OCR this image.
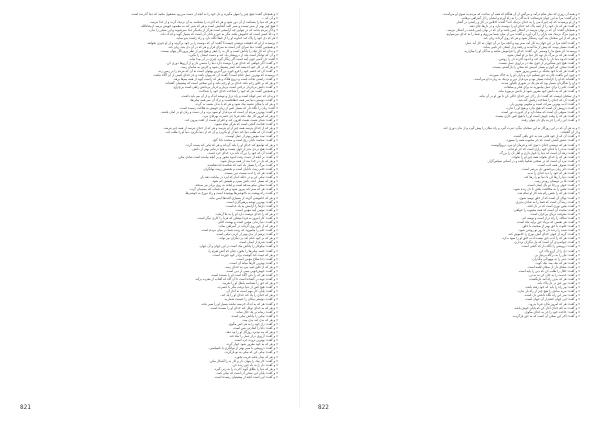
« و همچنان گفت: هیچ چیز را سهل مگیرید و دل خود را به آنچه از دست می‌رود مشغول مکنید که دنیا گذرنده است.
« و آن که ...
« و هر که دنیا را بشناسد از آن دور شود و هر که آخرت را بشناسد به آن نزدیک گردد و از خدا بترسد.
« هیچ چیز بهتر از صبر نیست و صبر کلید گشایش است و هر که صبر کند به مقصود خویش برسد ان‌شاءالله.
« و اگر مردم بدانند که در تنهایی چه آرامشی است هرگز از یکدیگر جدا نمی‌شوند و این سخن را بدان.
« و دانا کسی است که خاموش باشد مگر به حق و نادان آن است که بسیار گوید و اندک داند.
« هر که دل خود را پاک کند خداوند او را از خطا نگاه دارد و راه راست بدو نماید.
« پرسیدند از او که حقیقت دوستی چیست؟ گفت: آن که دوست را بر خود برگزیند و از او چیزی نخواهد.
« و همچنین گفت: دنیا سرای گذر است نه سرای قرار و هر که در آن دل بندد زیان کند.
« و بدان که کار نیک را پاداش است و کار بد را کیفر و هیچ چیز از نظر پروردگار پنهان نیست.
« و آن که توانگر است باید از درویشان یاد کند و دست ایشان را بگیرد.
« گفت: دل آدمی چون آینه است اگر زنگار گیرد چیزی در آن پیدا نیاید.
« و گفت: اگر خواهی که خدای تو را دوست دارد دنیا را دشمن دار و از آرزوها دوری کن.
« و هر که در کار خود اندیشه کند کمتر پشیمان شود و کارش به سامان رسد.
« و گفت: آن که خشم خود را فرو خورد بزرگ‌ترین پهلوان است نه آن که مردم را بر زمین زند.
« پرسیدند که بهترین عمل کدام است؟ گفت: آن که پنهان باشد و جز خدای کسی از آن آگاه نباشد.
« و گفت: راستی نجات است و دروغ هلاک و هر که راست گوید از همه بیم‌ها برهد.
« و هر که بر خلق رحم نکند خدای بر او رحم نکند و این سخنی است که پیشینیان گفته‌اند.
« و گفت: دانش بی‌کردار درختی است بی‌بار و کردار بی‌دانش راهی است بی‌چراغ.
« و همچنین گفت: هر که خود را شناخت خدای خود را شناخت.
« و بدان که عمر کوتاه است و راه دراز و توشه اندک و از آن بیم باید داشت.
« و گفت: دوستی دنیا سر همه خطاهاست و ترک آن سر همه نیکی‌ها.
« و هر که با نیکان نشیند نیک شود و هر که با بدان نشیند بد گردد.
« گفت: زبان را نگاه دار که بسیار کس از زبان خویش به هلاکت رسیده است.
« و گفت: بهترین مردم آن است که مردم از او سود برند و از دست و زبان او در امان باشند.
« و هر که امروز کار نیک نکند فردا جز حسرت بهره‌ای نبرد.
« و گفت: شکر نعمت نعمت افزون کند و کفران نعمت از کفت بیرون کند.
« و گفت: قناعت گنجی است که هرگز تمام نشود.
« و هر که از خدای بترسد همه چیز از او بترسد و هر که از خدای نترسد از همه چیز بترسد.
« و گفت: آن که طلب دنیا کند دنیا از او بگریزد و آن که از دنیا بگریزد دنیا او را طلب کند.
« و گفت: نیت مؤمن بهتر از عمل اوست.
« و گفت: صحبت نادان رنج است و صحبت دانا گنج.
« و هر که تواضع کند خدای او را بلند گرداند و هر که تکبر کند پست گردد.
« و گفت: هیچ دردی بدتر از جهل نیست و هیچ درمانی بهتر از دانش.
« و گفت: آن که خود را بزرگ داند نزد خدای خرد است.
« و گفت: بر آنچه از دست رفت اندوه مخور و بر آنچه نیامده است شادی مکن.
« و هر که دل در خدا بندد از همه بی‌نیاز شود.
« و گفت: مرگ را بسیار یاد کنید که شکننده لذت‌هاست.
« و گفت: حلم زینت دانایان است و بخشش زینت توانگران.
« و گفت: هر که را ادب نیست دین نیست.
« و گفت: نیکی کن و در دجله انداز که ایزد در بیابانت دهد باز.
« و هر که بسیار خندد دلش بمیرد و هیبتش کم شود.
« و گفت: سخن نیکو صدقه است و لبخند به روی برادر نیز صدقه.
« و گفت: هر که صبر کند پیروز شود و هر که شتاب کند پشیمان گردد.
« و گفت: راه بهشت به ناخوشی‌ها پوشیده است و راه دوزخ به خوشی‌ها.
« و هر که خاموشی گزیند از بسیاری آفت‌ها ایمن ماند.
« و گفت: بهترین توشه پرهیزگاری است.
« و گفت: دل‌ها را آرامش به یاد خداست.
« و گفت: مؤمن آینه مؤمن است.
« و هر که را خدای دوست دارد او را به بلا آزماید.
« و گفت: کار امروز به فردا میفکن که فردا را کاری دیگر است.
« و گفت: دنیا زندان مؤمن است و بهشت کافر.
« و هر که از حق روی گرداند در گمراهی بماند.
« و گفت: علم را بیاموزید که زینت شما در میان مردم است.
« و گفت: پرهیز از بدی بهتر از کردن نیکی است.
« و هر که بر خود حکم کند بر دیگران نیز تواند.
« و گفت: شرم از ایمان است.
« و گفت: نیکوکار را پاداش نیک است در این جهان و آن جهان.
« و گفت: حسد نیکی‌ها را بخورد چنان که آتش هیزم را.
« و هر که غیبت کند گوشت برادر خود خورده است.
« و گفت: دعا سلاح مؤمن است.
« و گفت: بهترین کارها میانه آن است.
« و هر که از خلق امید ببرد به خدای رسد.
« و گفت: خوش‌خویی نیمی از دین است.
« و گفت: هر که را دلی آگاه است او را بسنده است.
« و گفت: توبه در گشاده است تا آن گاه که آفتاب از مغرب برآید.
« و هر که حق را بشناسد باطل او را نفریبد.
« و گفت: هیچ کس از دنیا نرفت مگر با حسرت.
« و گفت: پایان کار مهم است نه آغاز آن.
« و هر که خدای را یاد کند خدای او را یاد کند.
« و گفت: دوستی نیکان را غنیمت شمارید.
« و گفت: هر که به اندک خرسند نباشد بسیار او را سیر نکند.
« و هر که به خدای توکل کند خدای او را بسنده است.
« و گفت: زمانه بر یک حال نماند.
« و گفت: نیکی را پاداش نیکی است.
« و هر که بدی کند بدی بیند.
« و گفت: راز خود را به هر کس مگوی.
« و گفت: دانا را اشارتی بس است.
« و هر که پند نپذیرد روزگار او را پند دهد.
« و گفت: آرزوی دراز عمل را تباه کند.
« و گفت: بهترین ثروت خرد است.
« و هر که به خود مغرور شود خوار گردد.
« و گفت: درویشی با صبر بهتر از توانگری با ناسپاسی.
« و گفت: نیکی کن که نیکی به تو بازگردد.
« و هر که بیدار باشد فریب نخورد.
« و گفت: کار نیک را پنهان دار و کار بد را آشکار مکن.
« و گفت: دل را به یاد حق زنده کن.
« و هر که دنیا را طلاق گوید آخرت را به زنی گیرد.
« و گفت: پایان این سخن آن است که نیکی کنید.
« و گفت: این است آنچه از پیشینیان رسیده است.
821
« و همه آن روزی که نماز شام درآمد و مرگش از آن هنگام که همه آن ساعت که مردم به سوی او می‌آمدند.
« و او گفت: مرا به این جهان فرستادند تا بندگان را به راه آورم و ایشان را از گمراهی برهانم.
« و از او پرسیدند که چه چیز آدمی را به خدای نزدیک کند؟ گفت: اخلاص در کار و راستی در گفتار.
« و گفت: هر که دل خود را از کینه پاک کند خدای او را دوست دارد و در دل‌ها جای دهد.
« و همچنان گفت: آن که در نهان بترسد در آشکار ایمن باشد و آن که در نهان ایمن باشد در آشکار بترسد.
« و چون مرگ نزدیک شد یاران را گرد آورد و گفت: من از میان شما می‌روم و شما را به خدای می‌سپارم.
« و هر که از این سخنان پند گیرد رستگار شود و هر که روی گرداند زیان کند.
« و گفت: آنچه مرا در این جهان به کار آمد صبر بود و آنچه مرا در آن جهان به کار آید عمل.
« و گفت: بسیار بودند که پیش از ما آمدند و رفتند و از ایشان جز نامی نماند.
« پرسیدند: ای شیخ ما را وصیتی کن. گفت: خدای را فراموش مکنید و بندگان او را میازارید.
« و گفت: هر که بر مرگ دل نهد کار دنیا بر او آسان شود.
« و گفت: اندوه دنیا دل را تاریک کند و اندوه آخرت دل را روشن.
« و گفت: هیچ چیز سنگین‌تر از خوی نیک در ترازوی عمل نیست.
« و گفت: سخن کم گوی و بسیار اندیش که سخن را بازگشتی نیست.
« و گفت: هر که با خود بجنگد بر دشمن پیروز شود.
« و چون این بگفت جان به حق تسلیم کرد و یاران او را به خاک سپردند.
« و گفته‌اند که او را کرامات بسیار بود و مردم از دور و نزدیک به زیارت او می‌آمدند.
« و او را شاگردان بسیار بود که هر یک در شهری نام‌آور شدند.
« و گفت: علم را برای عمل بیاموزید نه برای فخر و مباهات.
« و گفت: هر که به دانش خود مغرور شود از دانش بی‌بهره ماند.
« و از سخنان اوست که گفت: دل را از غیر خدای خالی کن تا نور او در آن بتابد.
« و گفت: آن که خدای را شناخت زبانش کُند شد.
« و گفت: ادب بهترین میراث است و نیکویی بهترین یار.
« و گفت: درویش آن است که هیچ ندارد و هیچ او را ندارد.
« و گفت: صوفی آن است که صفا دارد و از کدورت دور است.
« و گفت: هر که را وقت خوش است او را با هیچ کس کاری نیست.
« و گفت: این راه را جز به پای دل نتوان رفت.
« و به هر آن که در این روزگار به این سخنان بنگرد عبرت گیرد و راه نیکان را پیش گیرد و از بدان دوری کند.
و از آن گفته‌اند.
« و گفت: آن که از خود فانی شد به حق باقی گشت.
« و گفت: عشق آتشی است که جز محبوب همه را بسوزد.
« و گفت: هر که دوستی خدای دعوی کند و فرمان او نبرد دروغ‌گوست.
« و گفت: بنده را با خدای خود رازی است که جز او نداند.
« و گفت: زهد آن است که دنیا را خوار داری و اهل آن را بزرگ.
« و گفت: هر که را خدای بخواند همه چیز او را بخواند.
« و گفت: مرد آن است که در سختی شکیبا باشد و در آسانی سپاس‌گزار.
« و گفت: تصوف همه ادب است.
« و گفت: ذکر زبان بی‌حضور دل بی‌ثمر است.
« و گفت: هر که خود را دید خدای را ندید.
« و گفت: دنیا را رها کن تا دنیا تو را رها کند.
« و گفت: بلا بر دوستان زودتر رسد.
« و گفت: خوف و رجا دو بال ایمان است.
« و گفت: نفس را به مخالفت بکش تا دل زنده شود.
« و گفت: هر که را نفس رام شد کار او تمام شد.
« و گفت: توکل آن است که از خلق نومید شوی.
« و گفت: رضا آن است که قضا را به شادی پذیری.
« و گفت: یقین نوری است که در دل افتد.
« و گفت: محبت آن است که همه محبوب را خواهی.
« و گفت: معرفت دریای بی‌کران است.
« و گفت: سالک را راه دراز است و توشه کم.
« و گفت: هر نفسی که بی‌یاد حق برآید تباه است.
« و گفت: خلوت با حق بهتر از صحبت با خلق.
« و گفت: شب را زنده دار تا روز تو روشن شود.
« و گفت: گریه از خوف خدای آتش دوزخ را خاموش کند.
« و گفت: هر که را ادب حق نیست ادب خلق او را سود ندارد.
« و گفت: جوانمردی آن است که بار دیگران برداری.
« و گفت: درویشی را نگاه دار که گنجی است.
« و گفت: دل را از آرزو پاک کن.
« و گفت: نیاز را به درگاه بی‌نیاز بر.
« و گفت: عمر را به بیهودگی مگذران.
« و گفت: هر که نیک بیند نیک گوید.
« و گفت: صفای دل از صفای لقمه است.
« و گفت: حلال را طلب کن که دین را پایه است.
« و گفت: خدمت را به جان کن نه به تن.
« و گفت: هر که بدین راه آمد بازنگشت.
« و گفت: نور حق در دل پاک تابد.
« و گفت: پیر راه را باید که خود رفته باشد.
« و گفت: مرید صادق را هیچ چیز از راه باز ندارد.
« و گفت: سر این راه نگاه داشتن دل است.
« و گفت: این جهان کشتزار آن جهان است.
« و گفت: هر که امروز بکارد فردا بدرود.
« و گفت: به نام خدای آغاز کن که پایان خوش باشد.
« و گفت: حاجت خود را جز به خدای مگوی.
« و گفت: آخر این سخن آن است که به حق بازگردید.
822
